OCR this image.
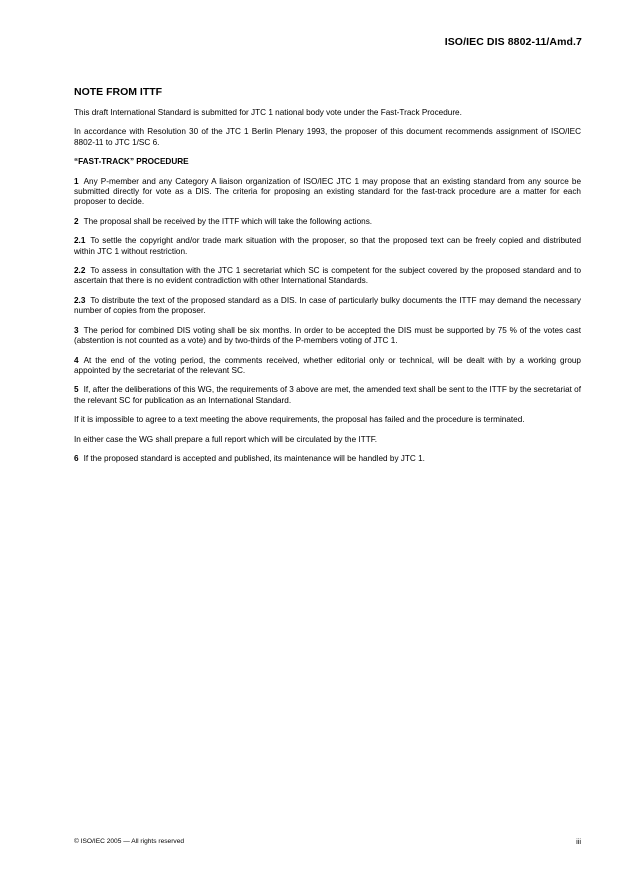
ISO/IEC DIS 8802-11/Amd.7
NOTE FROM ITTF

This draft International Standard is submitted for JTC 1 national body vote under the Fast-Track Procedure.

In accordance with Resolution 30 of the JTC 1 Berlin Plenary 1993, the proposer of this document recommends assignment of ISO/IEC 8802-11 to JTC 1/SC 6.

“FAST-TRACK” PROCEDURE

1 Any P-member and any Category A liaison organization of ISO/IEC JTC 1 may propose that an existing standard from any source be submitted directly for vote as a DIS. The criteria for proposing an existing standard for the fast-track procedure are a matter for each proposer to decide.

2 The proposal shall be received by the ITTF which will take the following actions.

2.1 To settle the copyright and/or trade mark situation with the proposer, so that the proposed text can be freely copied and distributed within JTC 1 without restriction.

2.2 To assess in consultation with the JTC 1 secretariat which SC is competent for the subject covered by the proposed standard and to ascertain that there is no evident contradiction with other International Standards.

2.3 To distribute the text of the proposed standard as a DIS. In case of particularly bulky documents the ITTF may demand the necessary number of copies from the proposer.

3 The period for combined DIS voting shall be six months. In order to be accepted the DIS must be supported by 75 % of the votes cast (abstention is not counted as a vote) and by two-thirds of the P-members voting of JTC 1.

4 At the end of the voting period, the comments received, whether editorial only or technical, will be dealt with by a working group appointed by the secretariat of the relevant SC.

5 If, after the deliberations of this WG, the requirements of 3 above are met, the amended text shall be sent to the ITTF by the secretariat of the relevant SC for publication as an International Standard.

If it is impossible to agree to a text meeting the above requirements, the proposal has failed and the procedure is terminated.

In either case the WG shall prepare a full report which will be circulated by the ITTF.

6 If the proposed standard is accepted and published, its maintenance will be handled by JTC 1.

© ISO/IEC 2005 — All rights reserved	iii
